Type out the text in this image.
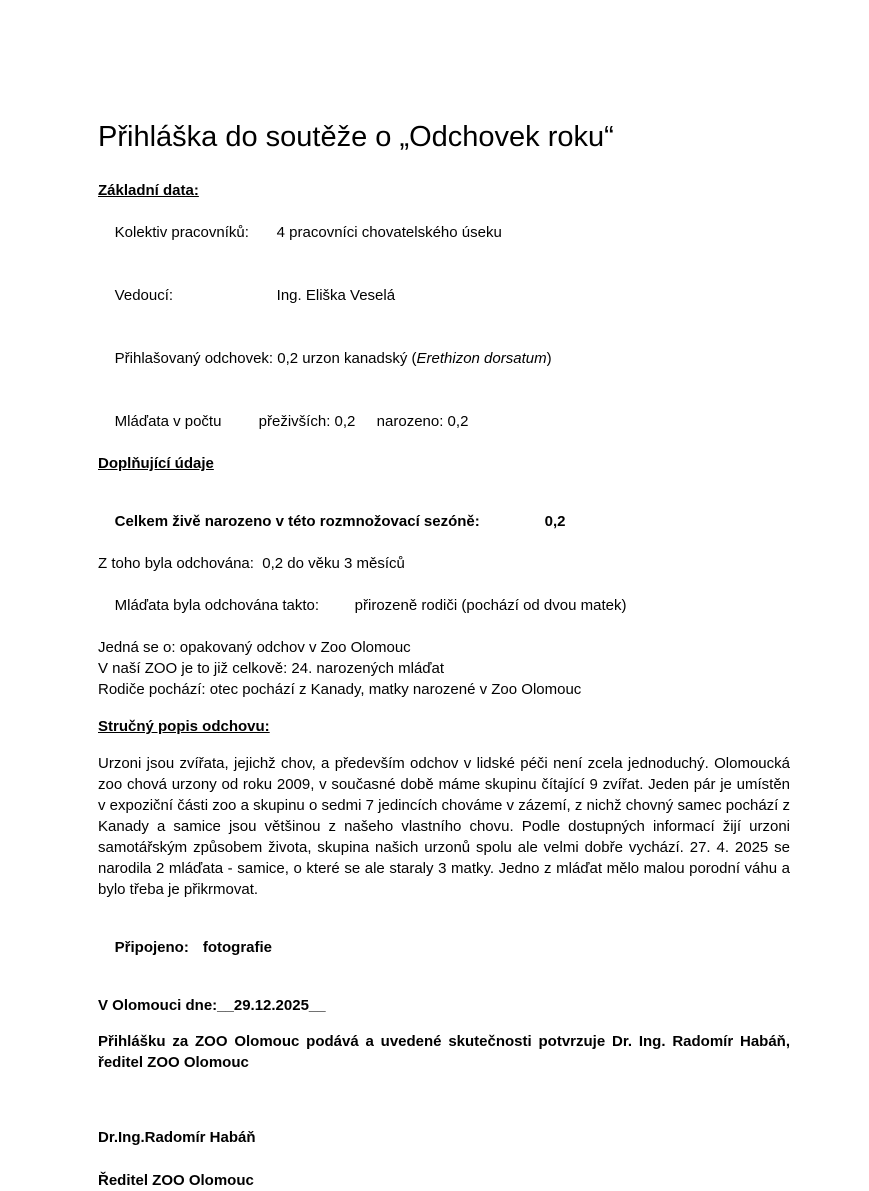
Přihláška do soutěže o „Odchovek roku“
Základní data:

Kolektiv pracovníků: 4 pracovníci chovatelského úseku

Vedoucí:	Ing. Eliška Veselá

Přihlašovaný odchovek: 0,2 urzon kanadský (Erethizon dorsatum)

Mláďata v počtu přeživších: 0,2 narozeno: 0,2

Doplňující údaje

Celkem živě narozeno v této rozmnožovací sezóně:	0,2

Z toho byla odchována:  0,2 do věku 3 měsíců

Mláďata byla odchována takto: přirozeně rodiči (pochází od dvou matek)

Jedná se o: opakovaný odchov v Zoo Olomouc
V naší ZOO je to již celkově: 24. narozených mláďat
Rodiče pochází: otec pochází z Kanady, matky narozené v Zoo Olomouc
Stručný popis odchovu:
Urzoni jsou zvířata, jejichž chov, a především odchov v lidské péči není zcela jednoduchý. Olomoucká zoo chová urzony od roku 2009, v současné době máme skupinu čítající 9 zvířat. Jeden pár je umístěn v expoziční části zoo a skupinu o sedmi 7 jedincích chováme v zázemí, z nichž chovný samec pochází z Kanady a samice jsou většinou z našeho vlastního chovu. Podle dostupných informací žijí urzoni samotářským způsobem života, skupina našich urzonů spolu ale velmi dobře vychází. 27. 4. 2025 se narodila 2 mláďata - samice, o které se ale staraly 3 matky. Jedno z mláďat mělo malou porodní váhu a bylo třeba je přikrmovat.

Připojeno: fotografie

V Olomouci dne:__29.12.2025__
Přihlášku za ZOO Olomouc podává a uvedené skutečnosti potvrzuje Dr. Ing. Radomír Habáň, ředitel ZOO Olomouc
Dr.Ing.Radomír Habáň
Ředitel ZOO Olomouc
